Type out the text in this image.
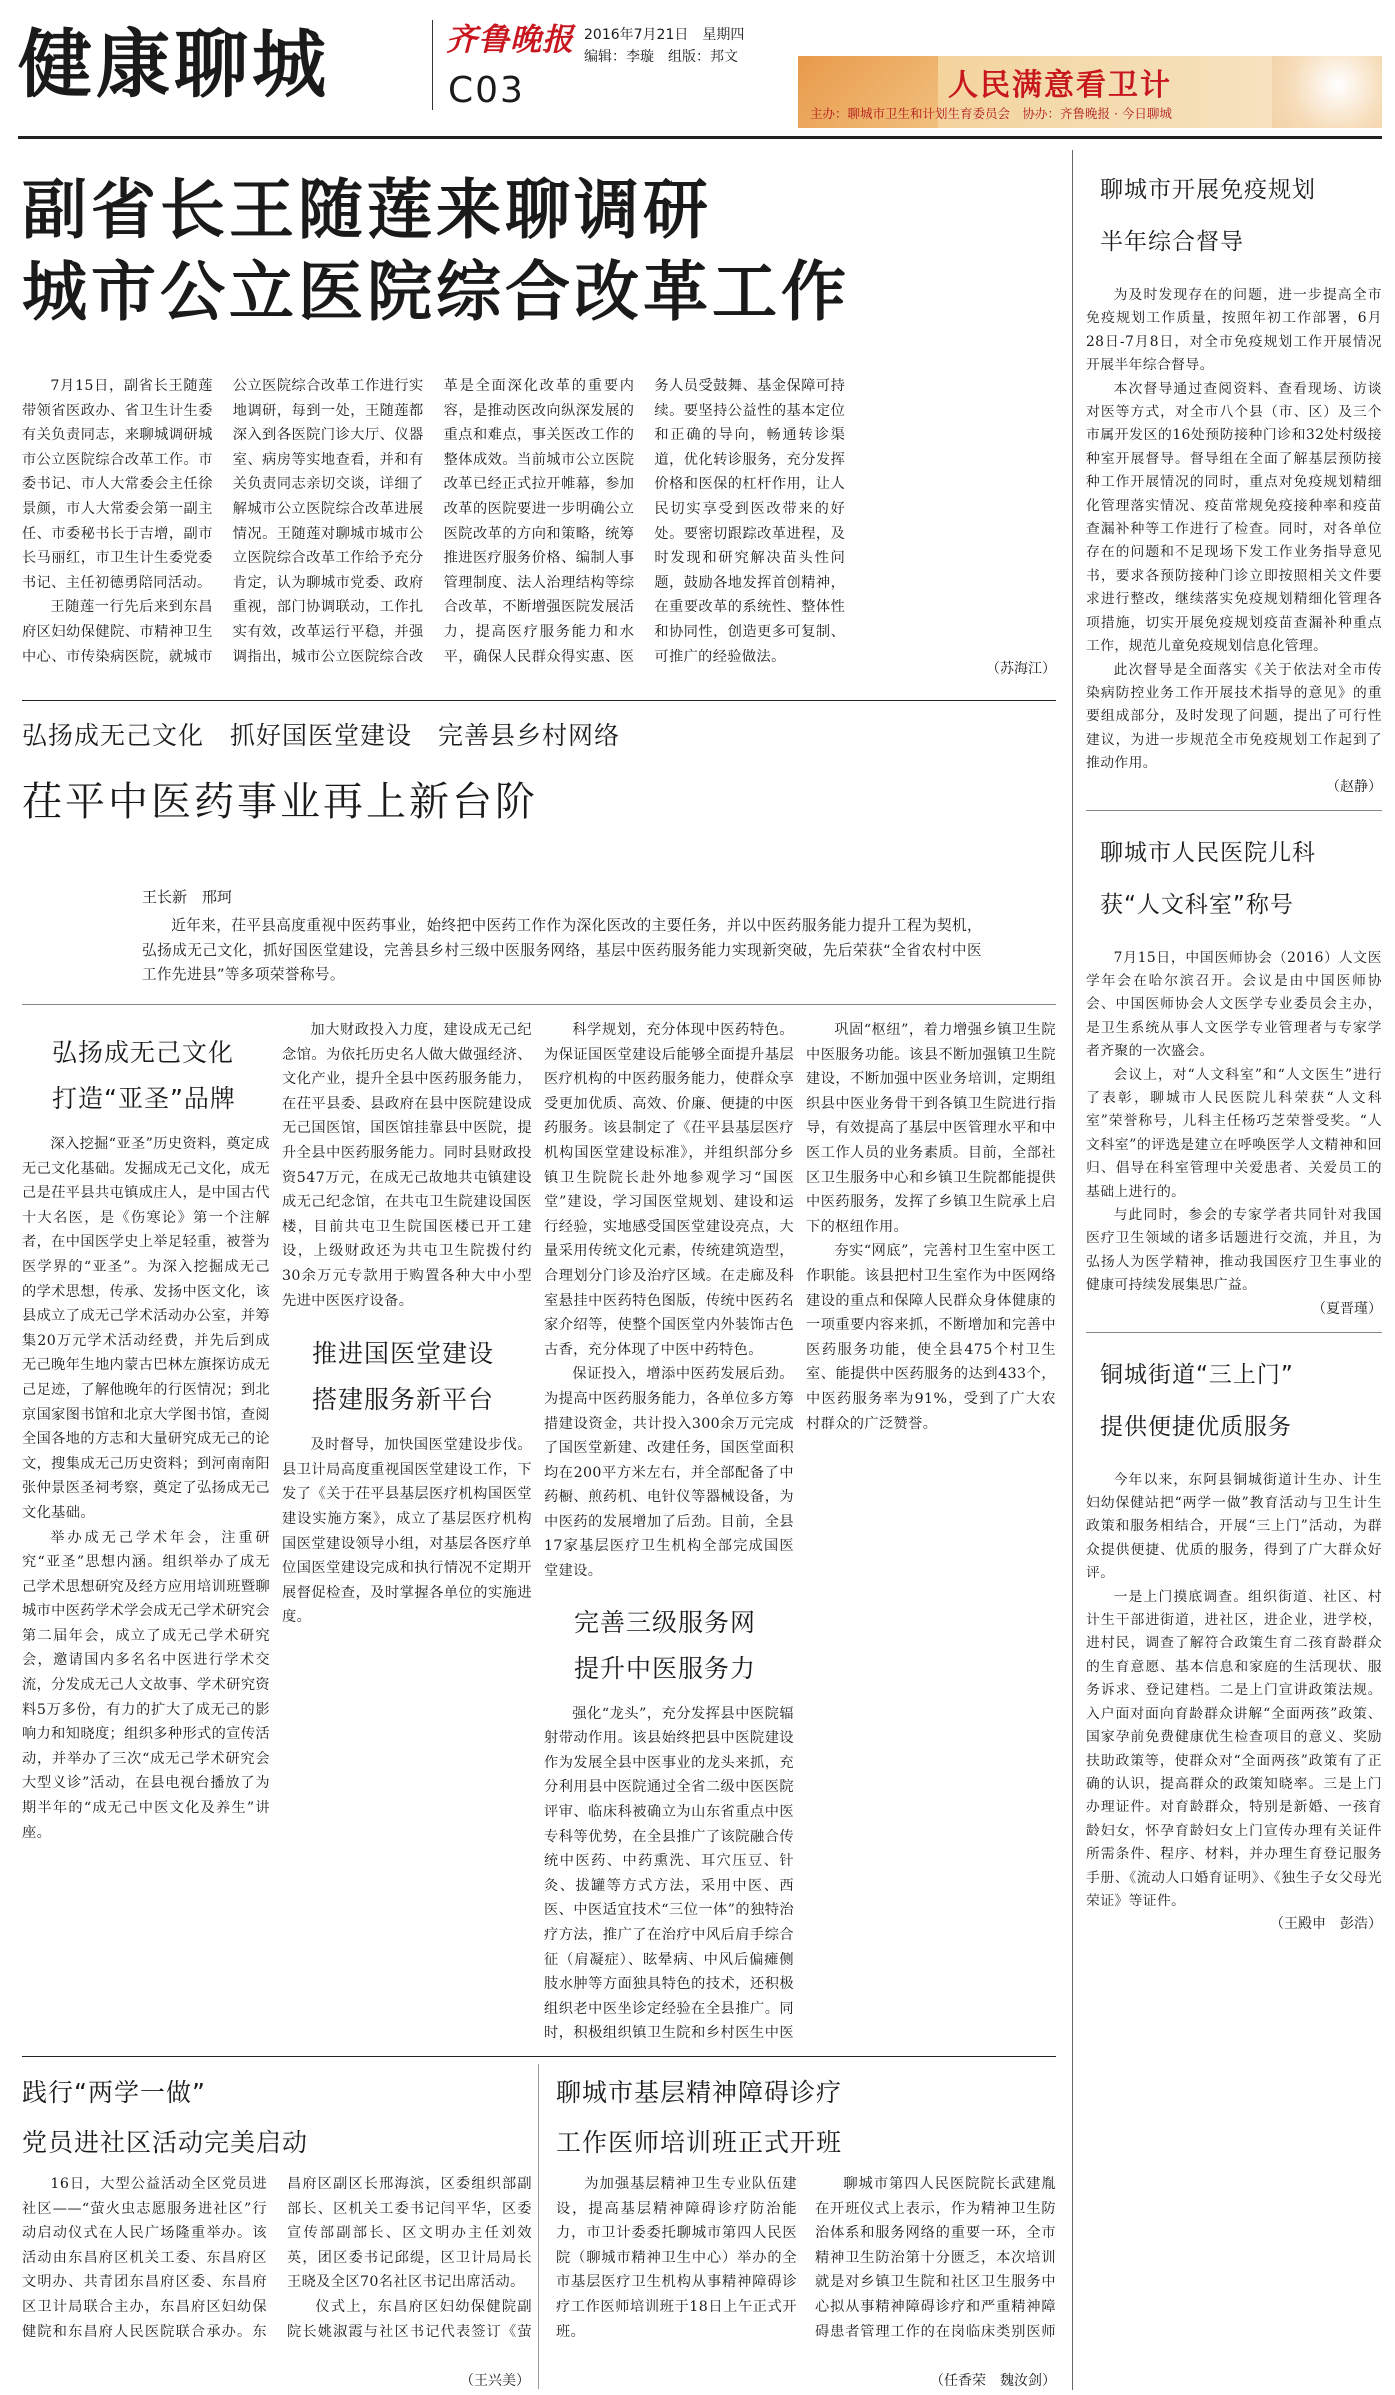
健康聊城	齐鲁晚报 2016年7月21日　星期四
编辑：李璇　组版：邦文
C03	人民满意看卫计
主办：聊城市卫生和计划生育委员会　协办：齐鲁晚报 · 今日聊城
副省长王随莲来聊调研
城市公立医院综合改革工作

7月15日，副省长王随莲带领省医政办、省卫生计生委有关负责同志，来聊城调研城市公立医院综合改革工作。市委书记、市人大常委会主任徐景颜，市人大常委会第一副主任、市委秘书长于吉增，副市长马丽红，市卫生计生委党委书记、主任初德勇陪同活动。

王随莲一行先后来到东昌府区妇幼保健院、市精神卫生中心、市传染病医院，就城市公立医院综合改革工作进行实地调研，每到一处，王随莲都深入到各医院门诊大厅、仪器室、病房等实地查看，并和有关负责同志亲切交谈，详细了解城市公立医院综合改革进展情况。王随莲对聊城市城市公立医院综合改革工作给予充分肯定，认为聊城市党委、政府重视，部门协调联动，工作扎实有效，改革运行平稳，并强调指出，城市公立医院综合改革是全面深化改革的重要内容，是推动医改向纵深发展的重点和难点，事关医改工作的整体成效。当前城市公立医院改革已经正式拉开帷幕，参加改革的医院要进一步明确公立医院改革的方向和策略，统筹推进医疗服务价格、编制人事管理制度、法人治理结构等综合改革，不断增强医院发展活力，提高医疗服务能力和水平，确保人民群众得实惠、医务人员受鼓舞、基金保障可持续。要坚持公益性的基本定位和正确的导向，畅通转诊渠道，优化转诊服务，充分发挥价格和医保的杠杆作用，让人民切实享受到医改带来的好处。要密切跟踪改革进程，及时发现和研究解决苗头性问题，鼓励各地发挥首创精神，在重要改革的系统性、整体性和协同性，创造更多可复制、可推广的经验做法。

（苏海江）
弘扬成无己文化　抓好国医堂建设　完善县乡村网络
茌平中医药事业再上新台阶
王长新　邢珂

近年来，茌平县高度重视中医药事业，始终把中医药工作作为深化医改的主要任务，并以中医药服务能力提升工程为契机，弘扬成无己文化，抓好国医堂建设，完善县乡村三级中医服务网络，基层中医药服务能力实现新突破，先后荣获“全省农村中医工作先进县”等多项荣誉称号。

弘扬成无己文化
打造“亚圣”品牌

深入挖掘“亚圣”历史资料，奠定成无己文化基础。发掘成无己文化，成无己是茌平县共屯镇成庄人，是中国古代十大名医，是《伤寒论》第一个注解者，在中国医学史上举足轻重，被誉为医学界的“亚圣”。为深入挖掘成无己的学术思想，传承、发扬中医文化，该县成立了成无己学术活动办公室，并筹集20万元学术活动经费，并先后到成无己晚年生地内蒙古巴林左旗探访成无己足迹，了解他晚年的行医情况；到北京国家图书馆和北京大学图书馆，查阅全国各地的方志和大量研究成无己的论文，搜集成无己历史资料；到河南南阳张仲景医圣祠考察，奠定了弘扬成无己文化基础。

举办成无己学术年会，注重研究“亚圣”思想内涵。组织举办了成无己学术思想研究及经方应用培训班暨聊城市中医药学术学会成无己学术研究会第二届年会，成立了成无己学术研究会，邀请国内多名名中医进行学术交流，分发成无己人文故事、学术研究资料5万多份，有力的扩大了成无己的影响力和知晓度；组织多种形式的宣传活动，并举办了三次“成无己学术研究会大型义诊”活动，在县电视台播放了为期半年的“成无己中医文化及养生”讲座。

加大财政投入力度，建设成无己纪念馆。为依托历史名人做大做强经济、文化产业，提升全县中医药服务能力，在茌平县委、县政府在县中医院建设成无己国医馆，国医馆挂靠县中医院，提升全县中医药服务能力。同时县财政投资547万元，在成无己故地共屯镇建设成无己纪念馆，在共屯卫生院建设国医楼，目前共屯卫生院国医楼已开工建设，上级财政还为共屯卫生院拨付约30余万元专款用于购置各种大中小型先进中医医疗设备。

推进国医堂建设
搭建服务新平台

及时督导，加快国医堂建设步伐。县卫计局高度重视国医堂建设工作，下发了《关于茌平县基层医疗机构国医堂建设实施方案》，成立了基层医疗机构国医堂建设领导小组，对基层各医疗单位国医堂建设完成和执行情况不定期开展督促检查，及时掌握各单位的实施进度。

科学规划，充分体现中医药特色。为保证国医堂建设后能够全面提升基层医疗机构的中医药服务能力，使群众享受更加优质、高效、价廉、便捷的中医药服务。该县制定了《茌平县基层医疗机构国医堂建设标准》，并组织部分乡镇卫生院院长赴外地参观学习“国医堂”建设，学习国医堂规划、建设和运行经验，实地感受国医堂建设亮点，大量采用传统文化元素，传统建筑造型，合理划分门诊及治疗区域。在走廊及科室悬挂中医药特色图版，传统中医药名家介绍等，使整个国医堂内外装饰古色古香，充分体现了中医中药特色。

保证投入，增添中医药发展后劲。为提高中医药服务能力，各单位多方筹措建设资金，共计投入300余万元完成了国医堂新建、改建任务，国医堂面积均在200平方米左右，并全部配备了中药橱、煎药机、电针仪等器械设备，为中医药的发展增加了后劲。目前，全县17家基层医疗卫生机构全部完成国医堂建设。

完善三级服务网
提升中医服务力

强化“龙头”，充分发挥县中医院辐射带动作用。该县始终把县中医院建设作为发展全县中医事业的龙头来抓，充分利用县中医院通过全省二级中医医院评审、临床科被确立为山东省重点中医专科等优势，在全县推广了该院融合传统中医药、中药熏洗、耳穴压豆、针灸、拔罐等方式方法，采用中医、西医、中医适宜技术“三位一体”的独特治疗方法，推广了在治疗中风后肩手综合征（肩凝症）、眩晕病、中风后偏瘫侧肢水肿等方面独具特色的技术，还积极组织老中医坐诊定经验在全县推广。同时，积极组织镇卫生院和乡村医生中医

巩固“枢纽”，着力增强乡镇卫生院中医服务功能。该县不断加强镇卫生院建设，不断加强中医业务培训，定期组织县中医业务骨干到各镇卫生院进行指导，有效提高了基层中医管理水平和中医工作人员的业务素质。目前，全部社区卫生服务中心和乡镇卫生院都能提供中医药服务，发挥了乡镇卫生院承上启下的枢纽作用。

夯实“网底”，完善村卫生室中医工作职能。该县把村卫生室作为中医网络建设的重点和保障人民群众身体健康的一项重要内容来抓，不断增加和完善中医药服务功能，使全县475个村卫生室、能提供中医药服务的达到433个，中医药服务率为91%，受到了广大农村群众的广泛赞誉。

践行“两学一做”
党员进社区活动完美启动

16日，大型公益活动全区党员进社区——“萤火虫志愿服务进社区”行动启动仪式在人民广场隆重举办。该活动由东昌府区机关工委、东昌府区文明办、共青团东昌府区委、东昌府区卫计局联合主办，东昌府区妇幼保健院和东昌府人民医院联合承办。东昌府区副区长邢海滨，区委组织部副部长、区机关工委书记闫平华，区委宣传部副部长、区文明办主任刘效英，团区委书记邱缇，区卫计局局长王晓及全区70名社区书记出席活动。

仪式上，东昌府区妇幼保健院副院长姚淑霞与社区书记代表签订《萤

（王兴美）
聊城市基层精神障碍诊疗
工作医师培训班正式开班

为加强基层精神卫生专业队伍建设，提高基层精神障碍诊疗防治能力，市卫计委委托聊城市第四人民医院（聊城市精神卫生中心）举办的全市基层医疗卫生机构从事精神障碍诊疗工作医师培训班于18日上午正式开班。

聊城市第四人民医院院长武建胤在开班仪式上表示，作为精神卫生防治体系和服务网络的重要一环，全市精神卫生防治第十分匮乏，本次培训就是对乡镇卫生院和社区卫生服务中心拟从事精神障碍诊疗和严重精神障碍患者管理工作的在岗临床类别医师

（任香荣　魏汝剑）
聊城市开展免疫规划
半年综合督导

为及时发现存在的问题，进一步提高全市免疫规划工作质量，按照年初工作部署，6月28日-7月8日，对全市免疫规划工作开展情况开展半年综合督导。

本次督导通过查阅资料、查看现场、访谈对医等方式，对全市八个县（市、区）及三个市属开发区的16处预防接种门诊和32处村级接种室开展督导。督导组在全面了解基层预防接种工作开展情况的同时，重点对免疫规划精细化管理落实情况、疫苗常规免疫接种率和疫苗查漏补种等工作进行了检查。同时，对各单位存在的问题和不足现场下发工作业务指导意见书，要求各预防接种门诊立即按照相关文件要求进行整改，继续落实免疫规划精细化管理各项措施，切实开展免疫规划疫苗查漏补种重点工作，规范儿童免疫规划信息化管理。

此次督导是全面落实《关于依法对全市传染病防控业务工作开展技术指导的意见》的重要组成部分，及时发现了问题，提出了可行性建议，为进一步规范全市免疫规划工作起到了推动作用。

（赵静）
聊城市人民医院儿科
获“人文科室”称号

7月15日，中国医师协会（2016）人文医学年会在哈尔滨召开。会议是由中国医师协会、中国医师协会人文医学专业委员会主办，是卫生系统从事人文医学专业管理者与专家学者齐聚的一次盛会。

会议上，对“人文科室”和“人文医生”进行了表彰，聊城市人民医院儿科荣获“人文科室”荣誉称号，儿科主任杨巧芝荣誉受奖。“人文科室”的评选是建立在呼唤医学人文精神和回归、倡导在科室管理中关爱患者、关爱员工的基础上进行的。

与此同时，参会的专家学者共同针对我国医疗卫生领域的诸多话题进行交流，并且，为弘扬人为医学精神，推动我国医疗卫生事业的健康可持续发展集思广益。

（夏晋瑾）
铜城街道“三上门”
提供便捷优质服务

今年以来，东阿县铜城街道计生办、计生妇幼保健站把“两学一做”教育活动与卫生计生政策和服务相结合，开展“三上门”活动，为群众提供便捷、优质的服务，得到了广大群众好评。

一是上门摸底调查。组织街道、社区、村计生干部进街道，进社区，进企业，进学校，进村民，调查了解符合政策生育二孩育龄群众的生育意愿、基本信息和家庭的生活现状、服务诉求、登记建档。二是上门宣讲政策法规。入户面对面向育龄群众讲解“全面两孩”政策、国家孕前免费健康优生检查项目的意义、奖励扶助政策等，使群众对“全面两孩”政策有了正确的认识，提高群众的政策知晓率。三是上门办理证件。对育龄群众，特别是新婚、一孩育龄妇女，怀孕育龄妇女上门宣传办理有关证件所需条件、程序、材料，并办理生育登记服务手册、《流动人口婚育证明》、《独生子女父母光荣证》等证件。

（王殿申　彭浩）
